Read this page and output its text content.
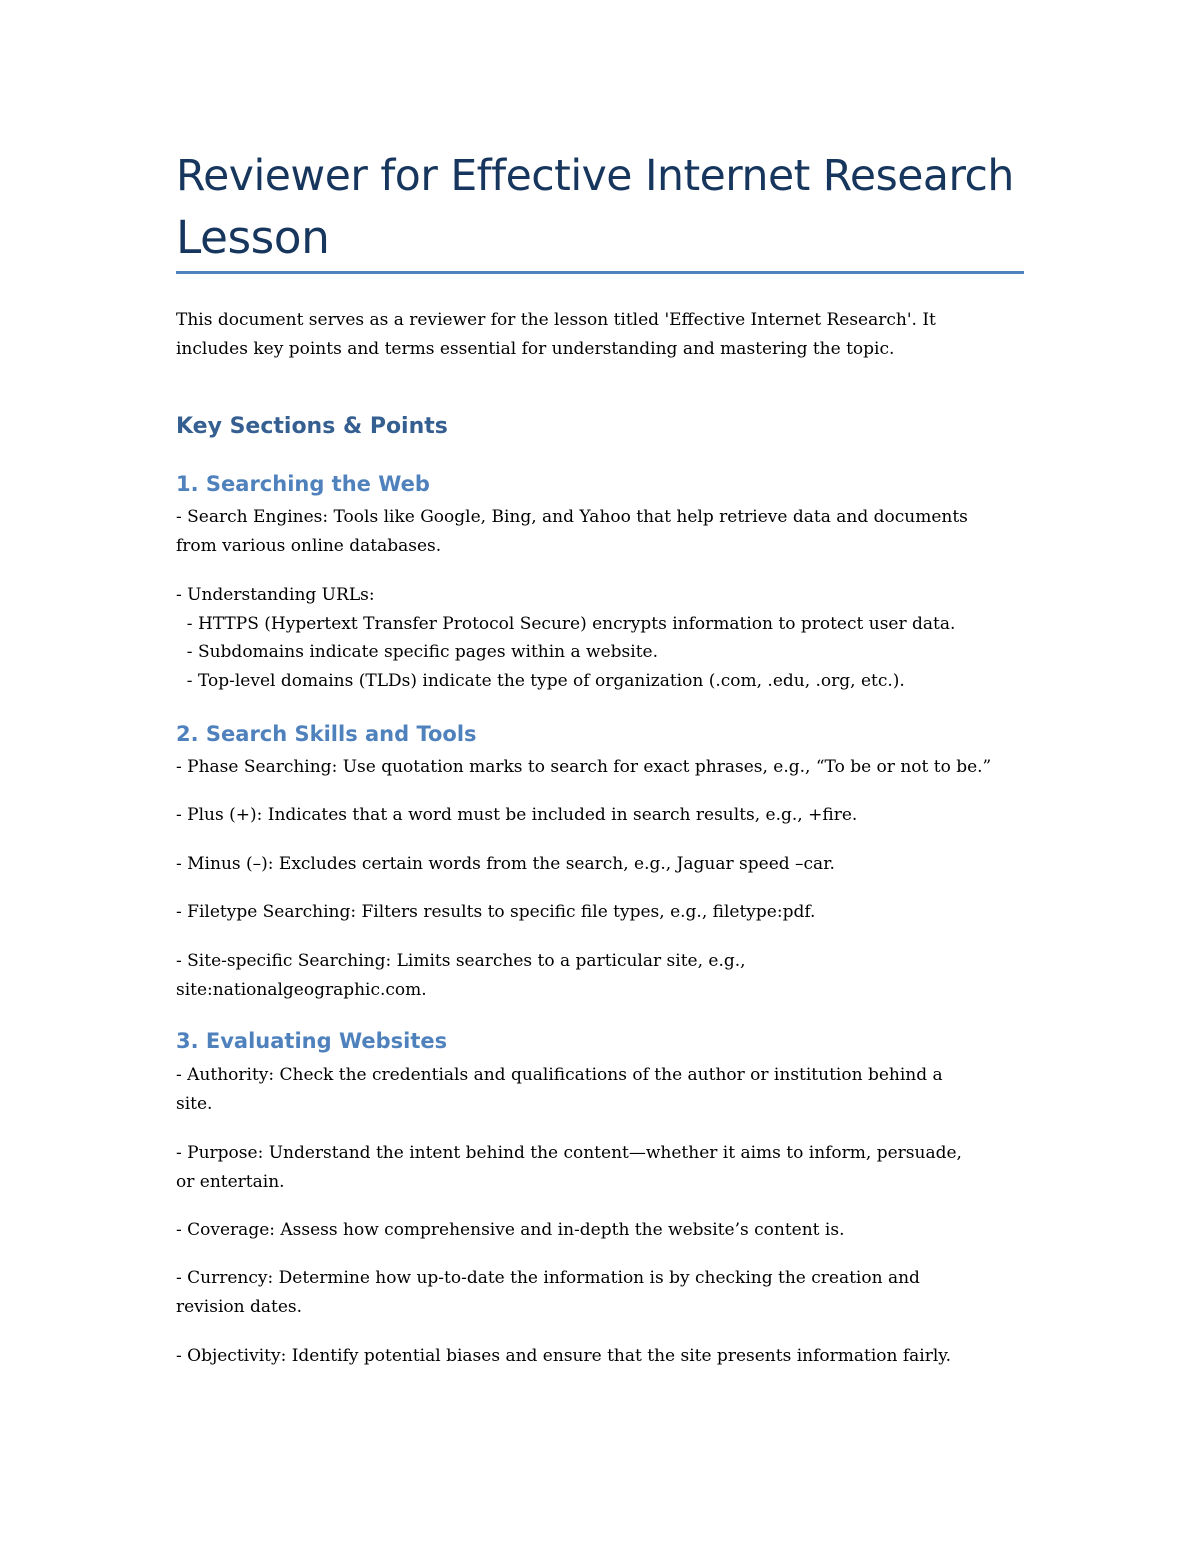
Reviewer for Effective Internet Research
Lesson

This document serves as a reviewer for the lesson titled 'Effective Internet Research'. It
includes key points and terms essential for understanding and mastering the topic.

Key Sections & Points
1. Searching the Web

- Search Engines: Tools like Google, Bing, and Yahoo that help retrieve data and documents
from various online databases.

- Understanding URLs:
- HTTPS (Hypertext Transfer Protocol Secure) encrypts information to protect user data.
- Subdomains indicate specific pages within a website.
- Top-level domains (TLDs) indicate the type of organization (.com, .edu, .org, etc.).

2. Search Skills and Tools

- Phase Searching: Use quotation marks to search for exact phrases, e.g., “To be or not to be.”

- Plus (+): Indicates that a word must be included in search results, e.g., +fire.

- Minus (–): Excludes certain words from the search, e.g., Jaguar speed –car.

- Filetype Searching: Filters results to specific file types, e.g., filetype:pdf.

- Site-specific Searching: Limits searches to a particular site, e.g.,
site:nationalgeographic.com.

3. Evaluating Websites

- Authority: Check the credentials and qualifications of the author or institution behind a
site.

- Purpose: Understand the intent behind the content—whether it aims to inform, persuade,
or entertain.

- Coverage: Assess how comprehensive and in-depth the website’s content is.

- Currency: Determine how up-to-date the information is by checking the creation and
revision dates.

- Objectivity: Identify potential biases and ensure that the site presents information fairly.
